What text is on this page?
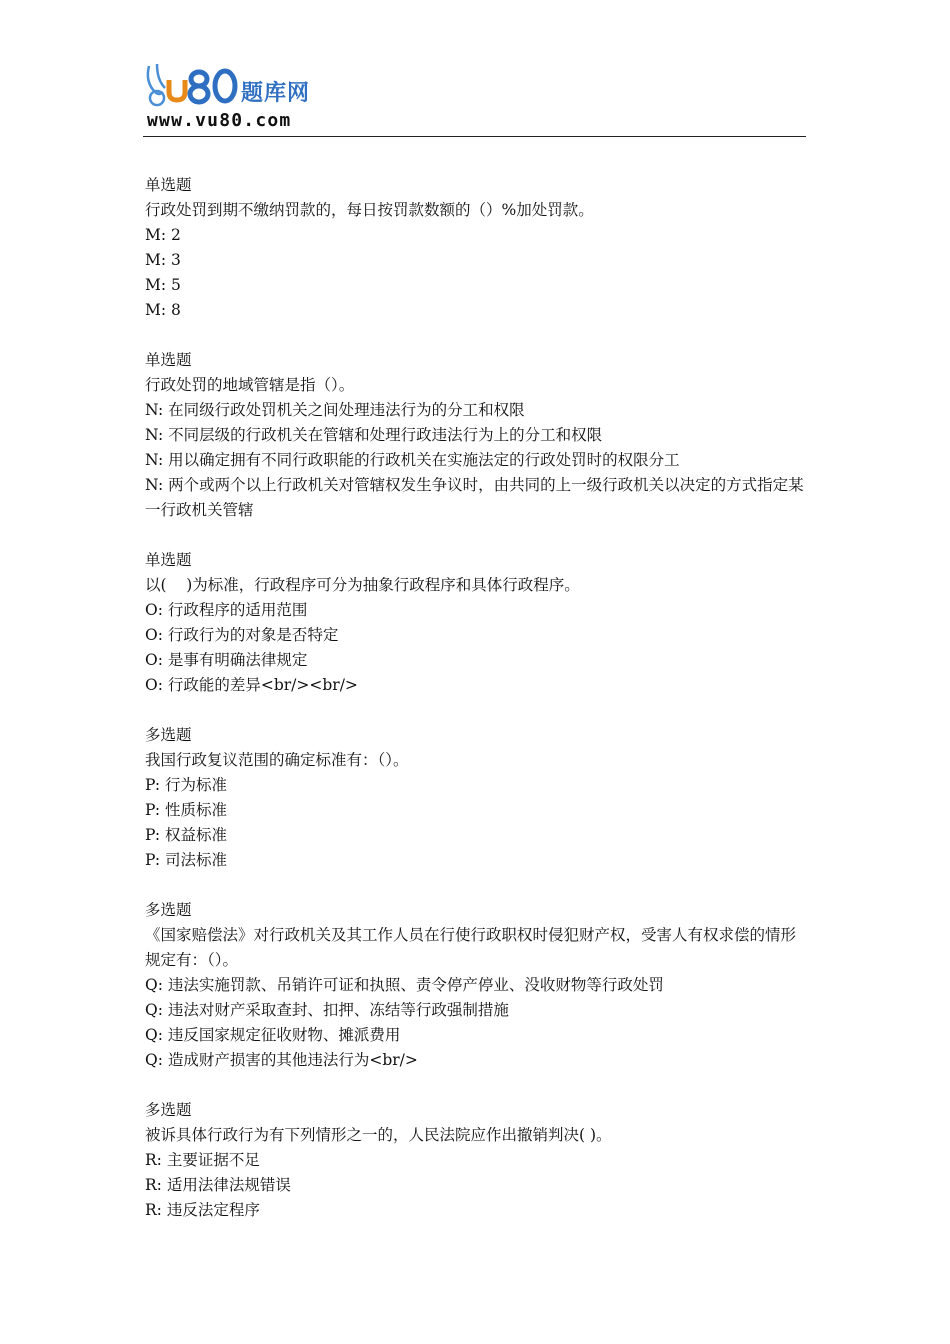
题库网
www.vu80.com

单选题

行政处罚到期不缴纳罚款的，每日按罚款数额的（）%加处罚款。

M: 2

M: 3

M: 5

M: 8

单选题

行政处罚的地域管辖是指（）。

N: 在同级行政处罚机关之间处理违法行为的分工和权限

N: 不同层级的行政机关在管辖和处理行政违法行为上的分工和权限

N: 用以确定拥有不同行政职能的行政机关在实施法定的行政处罚时的权限分工

N: 两个或两个以上行政机关对管辖权发生争议时，由共同的上一级行政机关以决定的方式指定某一行政机关管辖

单选题

以(    )为标准，行政程序可分为抽象行政程序和具体行政程序。

O: 行政程序的适用范围

O: 行政行为的对象是否特定

O: 是事有明确法律规定

O: 行政能的差异<br/><br/>

多选题

我国行政复议范围的确定标准有：（）。

P: 行为标准

P: 性质标准

P: 权益标准

P: 司法标准

多选题

《国家赔偿法》对行政机关及其工作人员在行使行政职权时侵犯财产权，受害人有权求偿的情形规定有：（）。

Q: 违法实施罚款、吊销许可证和执照、责令停产停业、没收财物等行政处罚

Q: 违法对财产采取查封、扣押、冻结等行政强制措施

Q: 违反国家规定征收财物、摊派费用

Q: 造成财产损害的其他违法行为<br/>

多选题

被诉具体行政行为有下列情形之一的，人民法院应作出撤销判决( )。

R: 主要证据不足

R: 适用法律法规错误

R: 违反法定程序
